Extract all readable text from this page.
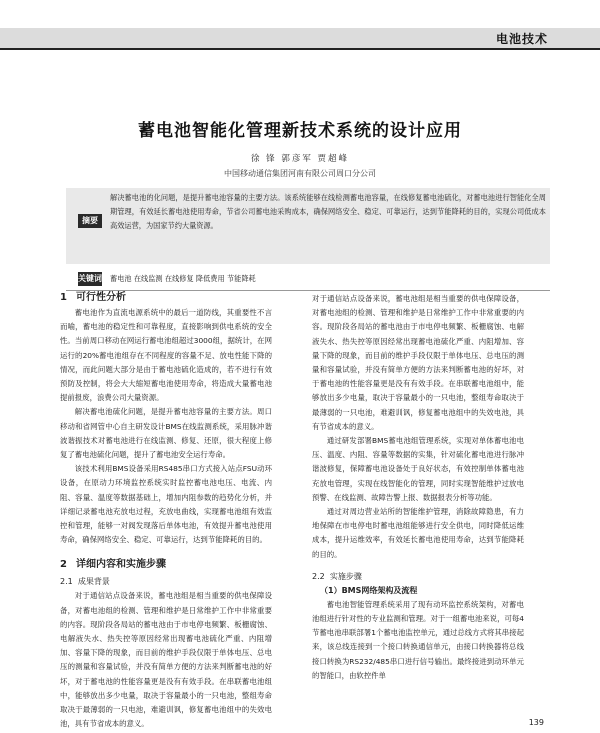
电池技术
蓄电池智能化管理新技术系统的设计应用
徐 锋 郭彦军 贾超峰
中国移动通信集团河南有限公司周口分公司
摘要
解决蓄电池的化问题，是提升蓄电池容量的主要方法。该系统能够在线检测蓄电池容量，在线修复蓄电池硫化，对蓄电池进行智能化全周期管理，有效延长蓄电池使用寿命，节省公司蓄电池采购成本，确保网络安全、稳定、可靠运行，达到节能降耗的目的，实现公司低成本高效运营，为国家节约大量资源。
关键词 蓄电池 在线监测 在线修复 降低费用 节能降耗
1 可行性分析

蓄电池作为直流电源系统中的最后一道防线，其重要性不言而喻，蓄电池的稳定性和可靠程度，直接影响到供电系统的安全性。当前周口移动在网运行蓄电池组超过3000组，据统计，在网运行的20%蓄电池组存在不同程度的容量不足、放电性能下降的情况，而此问题大部分是由于蓄电池硫化造成的，若不进行有效预防及控制，将会大大缩短蓄电池使用寿命，将造成大量蓄电池提前报废，浪费公司大量资源。

解决蓄电池硫化问题，是提升蓄电池容量的主要方法。周口移动和省网管中心自主研发设计BMS在线监测系统，采用脉冲谐波谐振技术对蓄电池进行在线监测、修复、还原，很大程度上修复了蓄电池硫化问题，提升了蓄电池安全运行寿命。

该技术利用BMS设备采用RS485串口方式接入站点FSU动环设备，在原动力环境监控系统实时监控蓄电池电压、电流、内阻、容量、温度等数据基础上，增加内阻参数的趋势化分析，并详细记录蓄电池充放电过程，充放电曲线，实现蓄电池组有效监控和管理，能够一对阀发现落后单体电池，有效提升蓄电池使用寿命，确保网络安全、稳定、可靠运行，达到节能降耗的目的。

2 详细内容和实施步骤
2.1 成果背景

对于通信站点设备来说，蓄电池组是相当重要的供电保障设备，对蓄电池组的检测、管理和维护是日常维护工作中非常重要的内容。现阶段各局站的蓄电池由于市电停电频繁、板栅腐蚀、电解液失水、热失控等原因经常出现蓄电池硫化严重、内阻增加、容量下降的现象，而目前的维护手段仅限于单体电压、总电压的测量和容量试验，并没有简单方便的方法来判断蓄电池的好坏，对于蓄电池的性能容量更是没有有效手段。在串联蓄电池组中，能够放出多少电量，取决于容量最小的一只电池，整组寿命取决于最薄弱的一只电池，难避训讽，修复蓄电池组中的失效电池，具有节省成本的意义。

对于通信站点设备来说，蓄电池组是相当重要的供电保障设备，对蓄电池组的检测、管理和维护是日常维护工作中非常重要的内容。现阶段各局站的蓄电池由于市电停电频繁、板栅腐蚀、电解液失水、热失控等原因经常出现蓄电池硫化严重、内阻增加、容量下降的现象，而目前的维护手段仅限于单体电压、总电压的测量和容量试验，并没有简单方便的方法来判断蓄电池的好坏，对于蓄电池的性能容量更是没有有效手段。在串联蓄电池组中，能够放出多少电量，取决于容量最小的一只电池，整组寿命取决于最薄弱的一只电池，难避训讽，修复蓄电池组中的失效电池，具有节省成本的意义。

通过研发部署BMS蓄电池组管理系统，实现对单体蓄电池电压、温度、内阻、容量等数据的实集，针对硫化蓄电池进行脉冲谐波修复，保障蓄电池设备处于良好状态，有效控制单体蓄电池充放电管理，实现在线智能化的管理，同时实现智能维护过放电预警、在线监测、故障告警上报、数据报表分析等功能。

通过对周边营业站所的智能维护管理，消除故障隐患，有力地保障在市电停电时蓄电池组能够进行安全供电，同时降低运维成本，提升运维效率，有效延长蓄电池使用寿命，达到节能降耗的目的。

2.2 实施步骤
（1）BMS网络架构及流程

蓄电池智能管理系统采用了现有动环监控系统架构，对蓄电池组进行针对性的专业监测和管理。对于一组蓄电池来说，可每4节蓄电池串联部署1个蓄电池监控单元，通过总线方式将其串接起来，该总线连接到一个接口转换通信单元，由接口转换器将总线接口转换为RS232/485串口进行信号输出。最终接进到动环单元的智能口，由软控件单

139
